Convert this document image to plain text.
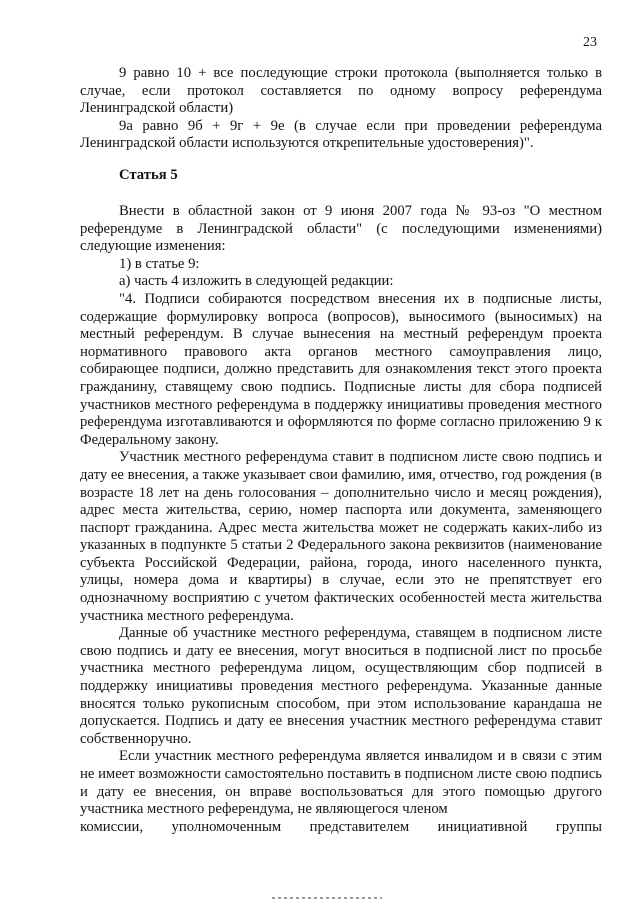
23

9 равно 10 + все последующие строки протокола (выполняется только в случае, если протокол составляется по одному вопросу референдума Ленинградской области)

9а равно 9б + 9г + 9е (в случае если при проведении референдума Ленинградской области используются открепительные удостоверения)".

Статья 5

Внести в областной закон от 9 июня 2007 года № 93-оз "О местном референдуме в Ленинградской области" (с последующими изменениями) следующие изменения:

1) в статье 9:

а) часть 4 изложить в следующей редакции:

"4. Подписи собираются посредством внесения их в подписные листы, содержащие формулировку вопроса (вопросов), выносимого (выносимых) на местный референдум. В случае вынесения на местный референдум проекта нормативного правового акта органов местного самоуправления лицо, собирающее подписи, должно представить для ознакомления текст этого проекта гражданину, ставящему свою подпись. Подписные листы для сбора подписей участников местного референдума в поддержку инициативы проведения местного референдума изготавливаются и оформляются по форме согласно приложению 9 к Федеральному закону.

Участник местного референдума ставит в подписном листе свою подпись и дату ее внесения, а также указывает свои фамилию, имя, отчество, год рождения (в возрасте 18 лет на день голосования – дополнительно число и месяц рождения), адрес места жительства, серию, номер паспорта или документа, заменяющего паспорт гражданина. Адрес места жительства может не содержать каких-либо из указанных в подпункте 5 статьи 2 Федерального закона реквизитов (наименование субъекта Российской Федерации, района, города, иного населенного пункта, улицы, номера дома и квартиры) в случае, если это не препятствует его однозначному восприятию с учетом фактических особенностей места жительства участника местного референдума.

Данные об участнике местного референдума, ставящем в подписном листе свою подпись и дату ее внесения, могут вноситься в подписной лист по просьбе участника местного референдума лицом, осуществляющим сбор подписей в поддержку инициативы проведения местного референдума. Указанные данные вносятся только рукописным способом, при этом использование карандаша не допускается. Подпись и дату ее внесения участник местного референдума ставит собственноручно.

Если участник местного референдума является инвалидом и в связи с этим не имеет возможности самостоятельно поставить в подписном листе свою подпись и дату ее внесения, он вправе воспользоваться для этого помощью другого участника местного референдума, не являющегося членом

комиссии, уполномоченным представителем инициативной группы
